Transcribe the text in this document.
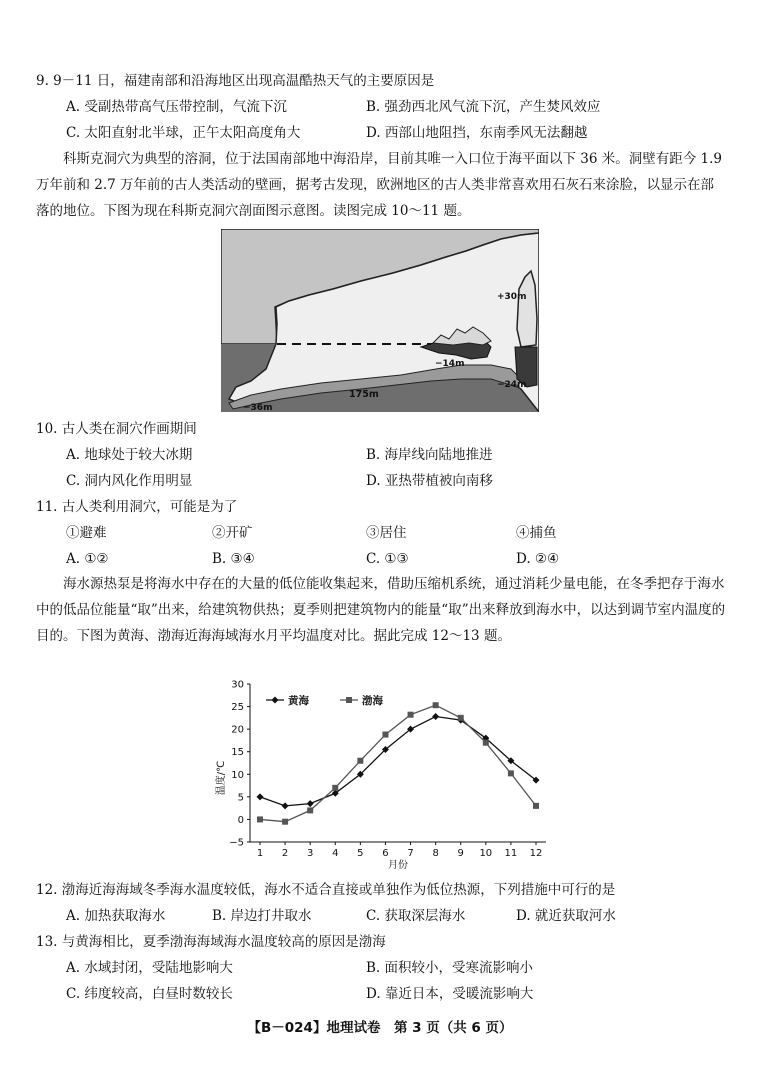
9. 9－11 日，福建南部和沿海地区出现高温酷热天气的主要原因是
A. 受副热带高气压带控制，气流下沉	B. 强劲西北风气流下沉，产生焚风效应
C. 太阳直射北半球，正午太阳高度角大	D. 西部山地阻挡，东南季风无法翻越
科斯克洞穴为典型的溶洞，位于法国南部地中海沿岸，目前其唯一入口位于海平面以下 36 米。洞壁有距今 1.9 万年前和 2.7 万年前的古人类活动的壁画，据考古发现，欧洲地区的古人类非常喜欢用石灰石来涂脸，以显示在部落的地位。下图为现在科斯克洞穴剖面图示意图。读图完成 10～11 题。
+30m
−14m
−24m
−36m
175m
10. 古人类在洞穴作画期间
A. 地球处于较大冰期	B. 海岸线向陆地推进
C. 洞内风化作用明显	D. 亚热带植被向南移
11. 古人类利用洞穴，可能是为了
①避难	②开矿	③居住	④捕鱼
A. ①②	B. ③④	C. ①③	D. ②④
海水源热泵是将海水中存在的大量的低位能收集起来，借助压缩机系统，通过消耗少量电能，在冬季把存于海水中的低品位能量“取”出来，给建筑物供热；夏季则把建筑物内的能量“取”出来释放到海水中，以达到调节室内温度的目的。下图为黄海、渤海近海海域海水月平均温度对比。据此完成 12～13 题。
−5
0
5
10
15
20
25
30
1 2 3 4 5 6 7 8 9 10 11 12
黄海	渤海
温度/℃
月份
12. 渤海近海海域冬季海水温度较低，海水不适合直接或单独作为低位热源，下列措施中可行的是
A. 加热获取海水	B. 岸边打井取水	C. 获取深层海水	D. 就近获取河水
13. 与黄海相比，夏季渤海海域海水温度较高的原因是渤海
A. 水域封闭，受陆地影响大	B. 面积较小，受寒流影响小
C. 纬度较高，白昼时数较长	D. 靠近日本，受暖流影响大
【B－024】地理试卷　第 3 页（共 6 页）
